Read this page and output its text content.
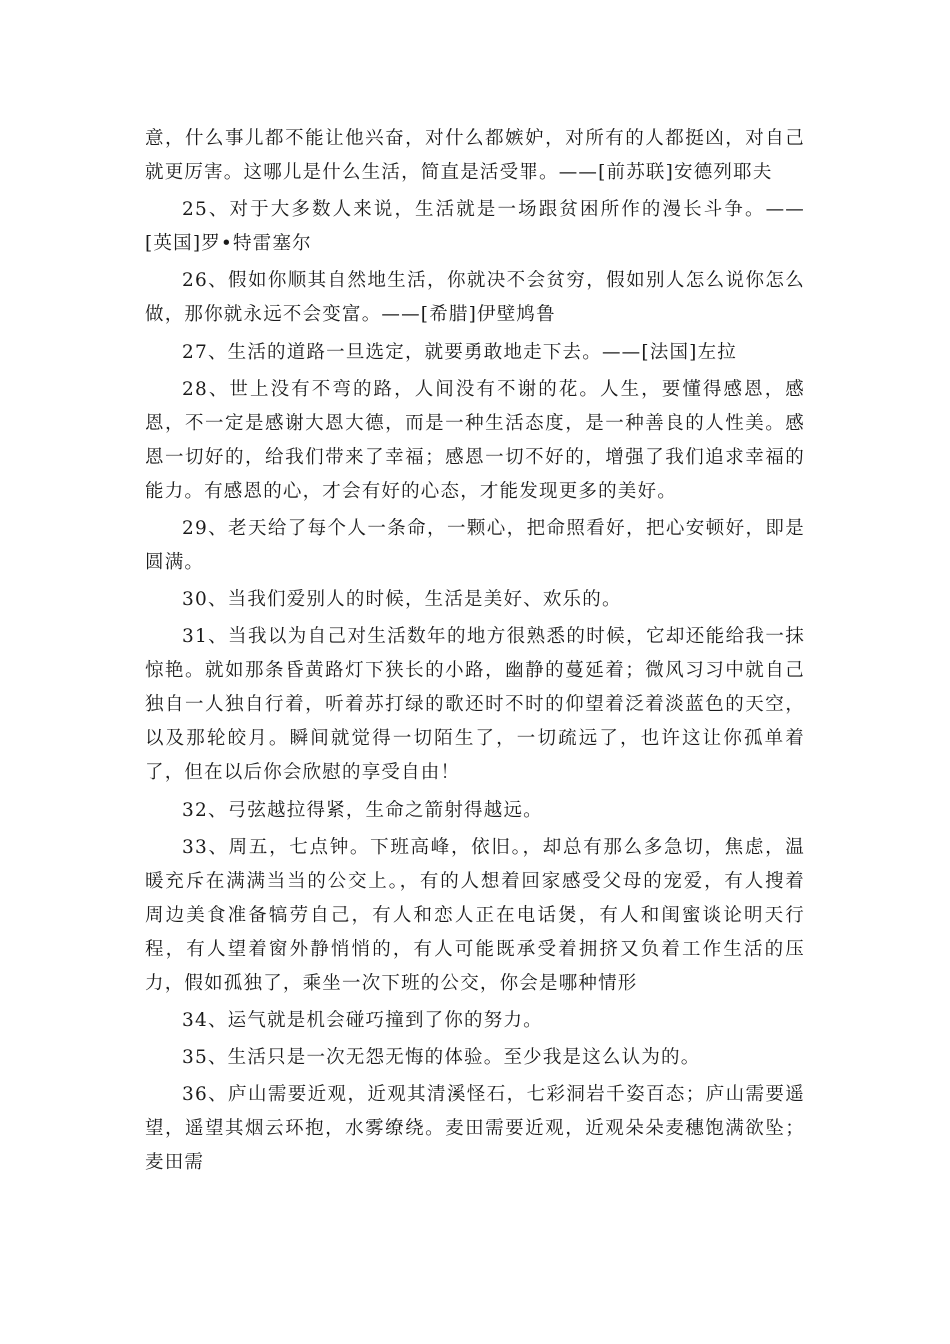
意，什么事儿都不能让他兴奋，对什么都嫉妒，对所有的人都挺凶，对自己就更厉害。这哪儿是什么生活，简直是活受罪。——[前苏联]安德列耶夫

25、对于大多数人来说，生活就是一场跟贫困所作的漫长斗争。——[英国]罗•特雷塞尔

26、假如你顺其自然地生活，你就决不会贫穷，假如别人怎么说你怎么做，那你就永远不会变富。——[希腊]伊壁鸠鲁

27、生活的道路一旦选定，就要勇敢地走下去。——[法国]左拉

28、世上没有不弯的路，人间没有不谢的花。人生，要懂得感恩，感恩，不一定是感谢大恩大德，而是一种生活态度，是一种善良的人性美。感恩一切好的，给我们带来了幸福；感恩一切不好的，增强了我们追求幸福的能力。有感恩的心，才会有好的心态，才能发现更多的美好。

29、老天给了每个人一条命，一颗心，把命照看好，把心安顿好，即是圆满。

30、当我们爱别人的时候，生活是美好、欢乐的。

31、当我以为自己对生活数年的地方很熟悉的时候，它却还能给我一抹惊艳。就如那条昏黄路灯下狭长的小路，幽静的蔓延着；微风习习中就自己独自一人独自行着，听着苏打绿的歌还时不时的仰望着泛着淡蓝色的天空，以及那轮皎月。瞬间就觉得一切陌生了，一切疏远了，也许这让你孤单着了，但在以后你会欣慰的享受自由！

32、弓弦越拉得紧，生命之箭射得越远。

33、周五，七点钟。下班高峰，依旧。，却总有那么多急切，焦虑，温暖充斥在满满当当的公交上。，有的人想着回家感受父母的宠爱，有人搜着周边美食准备犒劳自己，有人和恋人正在电话煲，有人和闺蜜谈论明天行程，有人望着窗外静悄悄的，有人可能既承受着拥挤又负着工作生活的压力，假如孤独了，乘坐一次下班的公交，你会是哪种情形

34、运气就是机会碰巧撞到了你的努力。

35、生活只是一次无怨无悔的体验。至少我是这么认为的。

36、庐山需要近观，近观其清溪怪石，七彩洞岩千姿百态；庐山需要遥望，遥望其烟云环抱，水雾缭绕。麦田需要近观，近观朵朵麦穗饱满欲坠；麦田需
